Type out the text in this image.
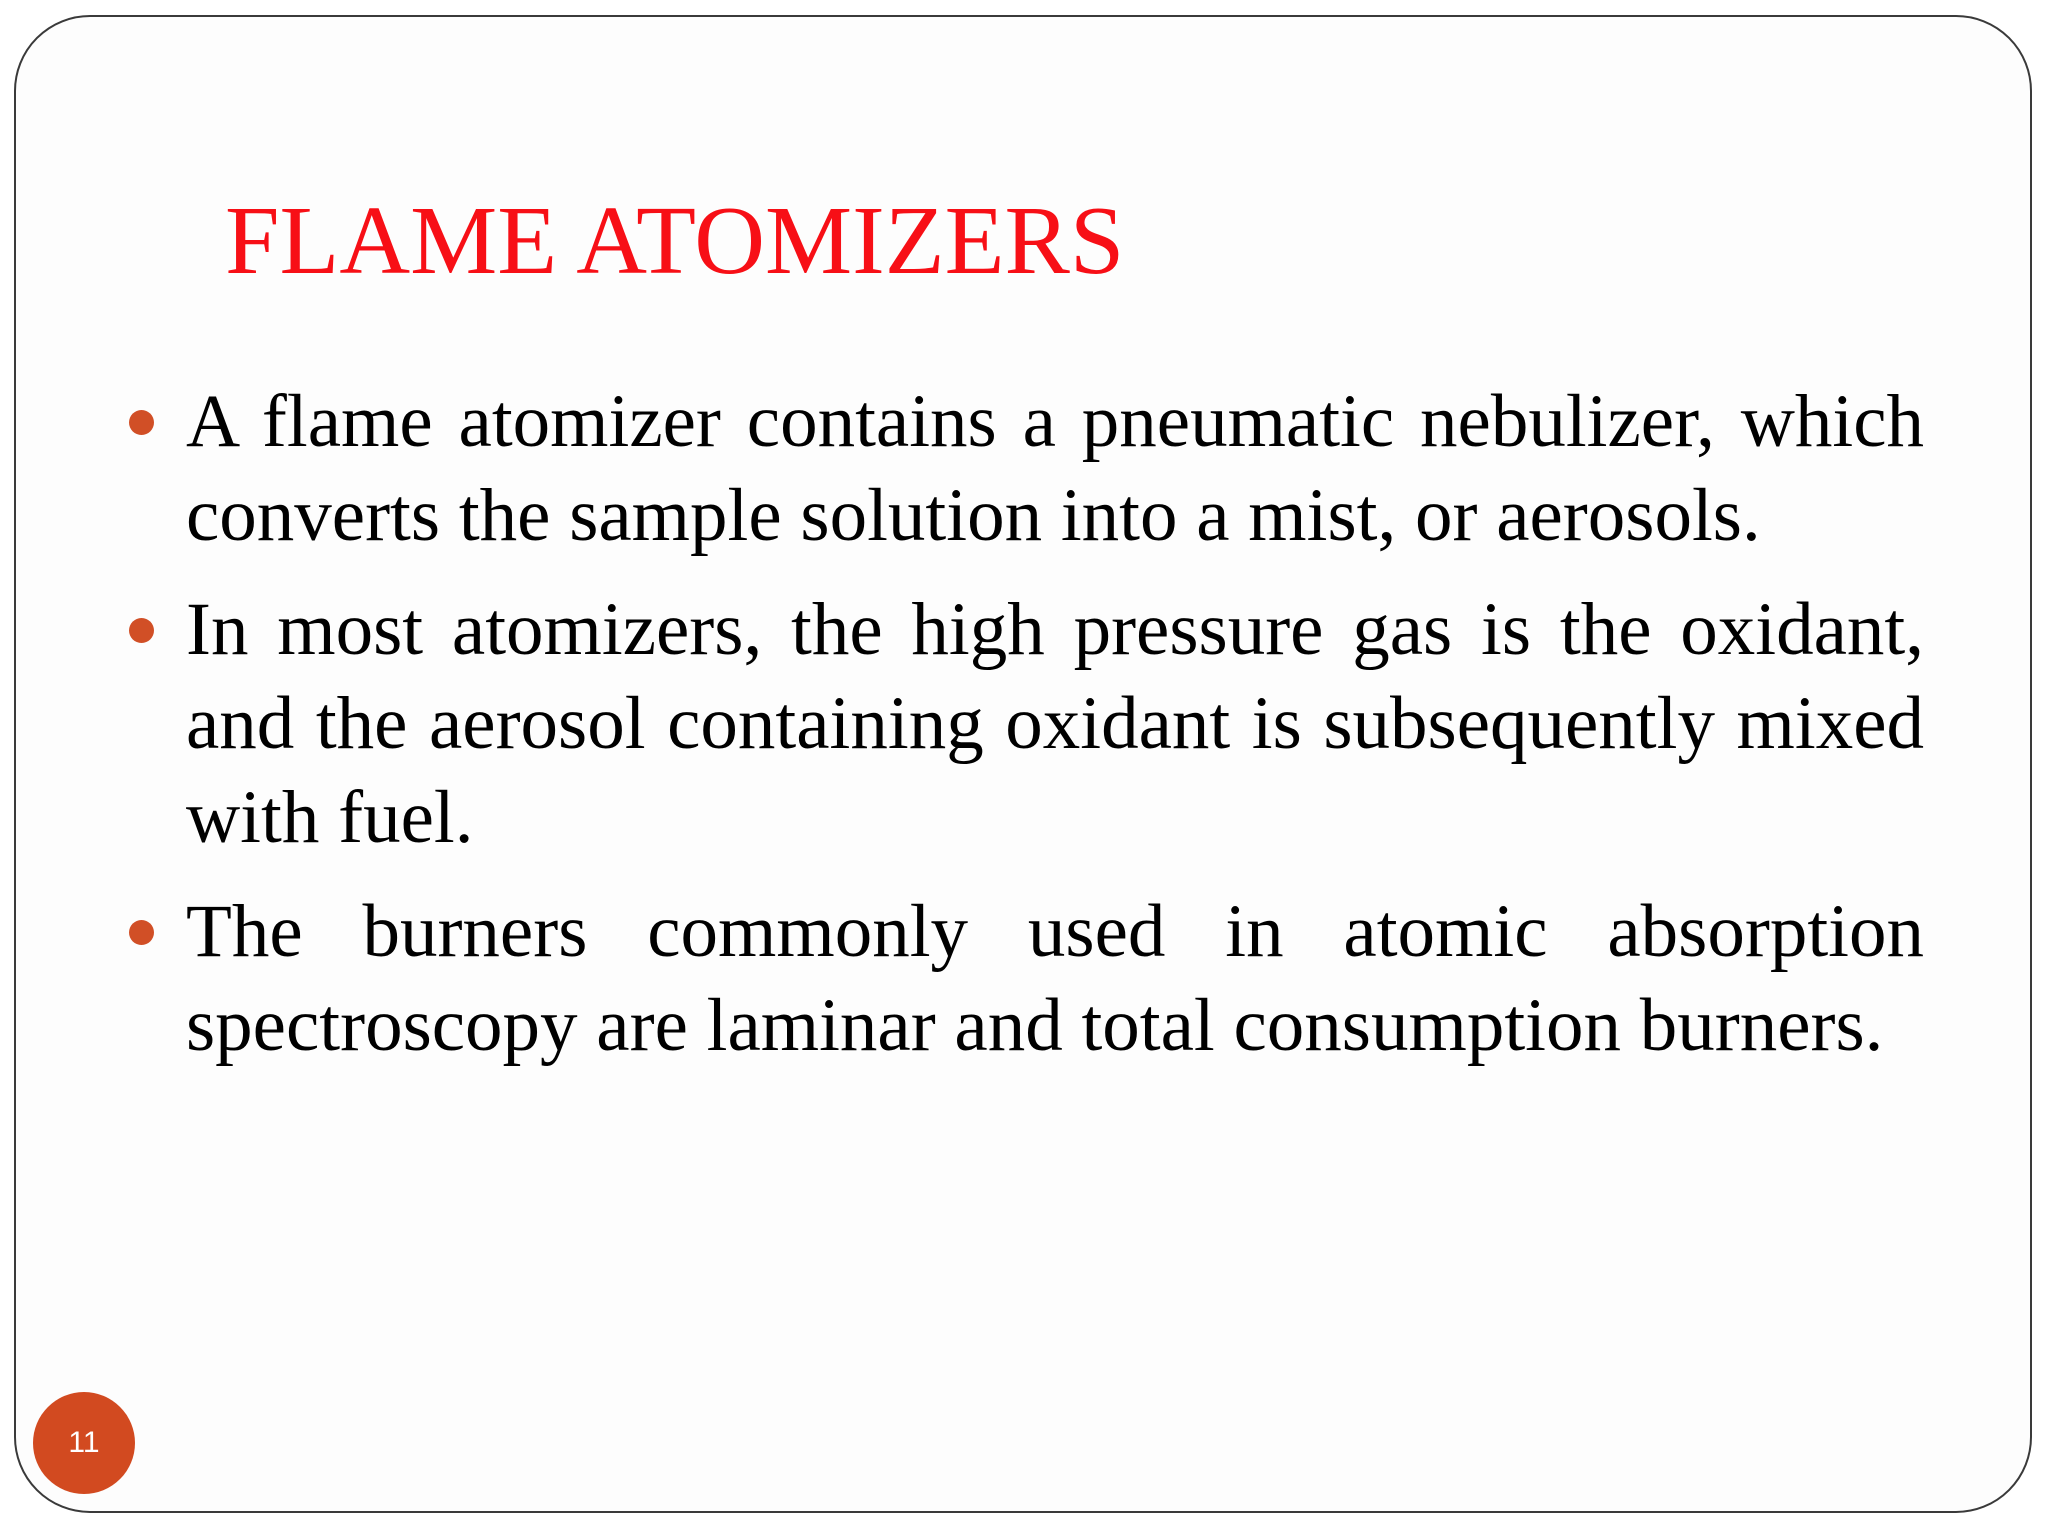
FLAME ATOMIZERS
A flame atomizer contains a pneumatic nebulizer, which converts the sample solution into a mist, or aerosols.
In most atomizers, the high pressure gas is the oxidant, and the aerosol containing oxidant is subsequently mixed with fuel.
The burners commonly used in atomic absorption spectroscopy are laminar and total consumption burners.
11
